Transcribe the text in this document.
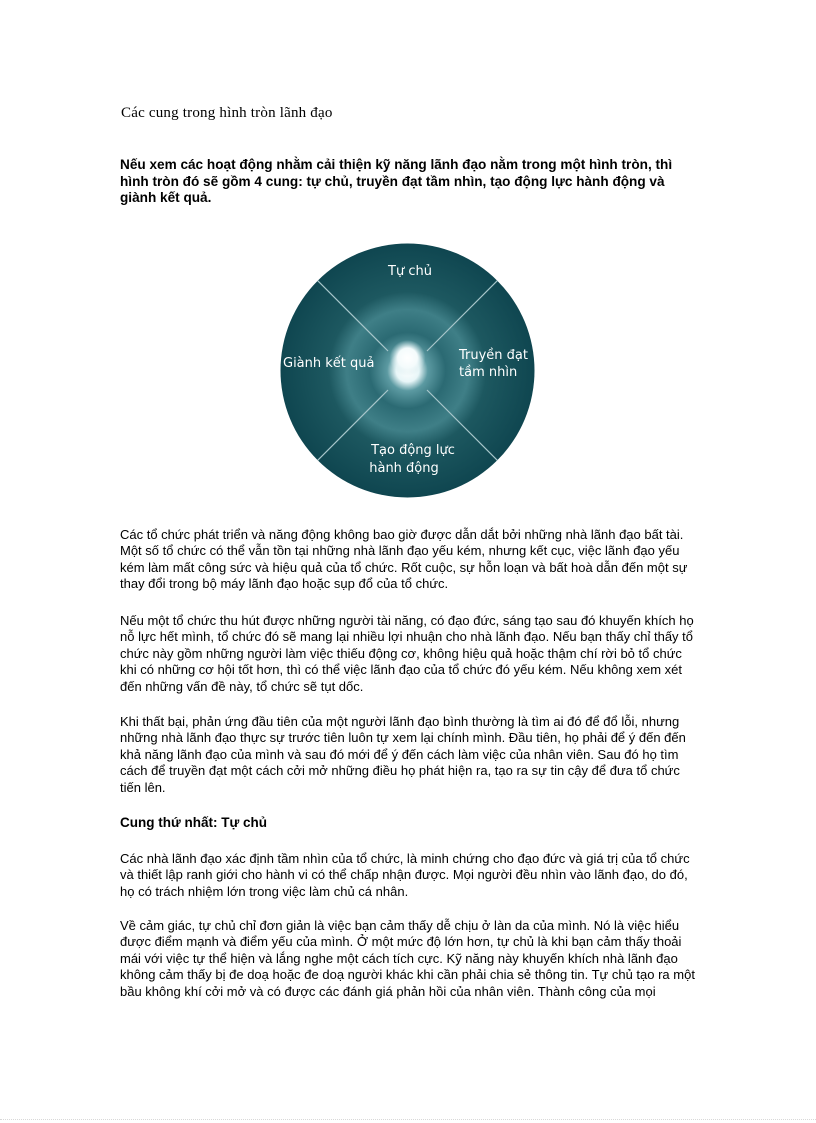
Các cung trong hình tròn lãnh đạo
Nếu xem các hoạt động nhằm cải thiện kỹ năng lãnh đạo nằm trong một hình tròn, thì hình tròn đó sẽ gồm 4 cung: tự chủ, truyền đạt tầm nhìn, tạo động lực hành động và giành kết quả.
Tự chủ
Truyền đạt
tầm nhìn
Giành kết quả
Tạo động lực
hành động
Các tổ chức phát triển và năng động không bao giờ được dẫn dắt bởi những nhà lãnh đạo bất tài. Một số tổ chức có thể vẫn tồn tại những nhà lãnh đạo yếu kém, nhưng kết cục, việc lãnh đạo yếu kém làm mất công sức và hiệu quả của tổ chức. Rốt cuộc, sự hỗn loạn và bất hoà dẫn đến một sự thay đổi trong bộ máy lãnh đạo hoặc sụp đổ của tổ chức.
Nếu một tổ chức thu hút được những người tài năng, có đạo đức, sáng tạo sau đó khuyến khích họ nỗ lực hết mình, tổ chức đó sẽ mang lại nhiều lợi nhuận cho nhà lãnh đạo. Nếu bạn thấy chỉ thấy tổ chức này gồm những người làm việc thiếu động cơ, không hiệu quả hoặc thậm chí rời bỏ tổ chức khi có những cơ hội tốt hơn, thì có thể việc lãnh đạo của tổ chức đó yếu kém. Nếu không xem xét đến những vấn đề này, tổ chức sẽ tụt dốc.
Khi thất bại, phản ứng đầu tiên của một người lãnh đạo bình thường là tìm ai đó để đổ lỗi, nhưng những nhà lãnh đạo thực sự trước tiên luôn tự xem lại chính mình. Đầu tiên, họ phải để ý đến đến khả năng lãnh đạo của mình và sau đó mới để ý đến cách làm việc của nhân viên. Sau đó họ tìm cách để truyền đạt một cách cởi mở những điều họ phát hiện ra, tạo ra sự tin cậy để đưa tổ chức tiến lên.
Cung thứ nhất: Tự chủ
Các nhà lãnh đạo xác định tầm nhìn của tổ chức, là minh chứng cho đạo đức và giá trị của tổ chức và thiết lập ranh giới cho hành vi có thể chấp nhận được. Mọi người đều nhìn vào lãnh đạo, do đó, họ có trách nhiệm lớn trong việc làm chủ cá nhân.
Về cảm giác, tự chủ chỉ đơn giản là việc bạn cảm thấy dễ chịu ở làn da của mình. Nó là việc hiểu được điểm mạnh và điểm yếu của mình. Ở một mức độ lớn hơn, tự chủ là khi bạn cảm thấy thoải mái với việc tự thể hiện và lắng nghe một cách tích cực. Kỹ năng này khuyến khích nhà lãnh đạo không cảm thấy bị đe doạ hoặc đe doạ người khác khi cần phải chia sẻ thông tin. Tự chủ tạo ra một bầu không khí cởi mở và có được các đánh giá phản hồi của nhân viên. Thành công của mọi
